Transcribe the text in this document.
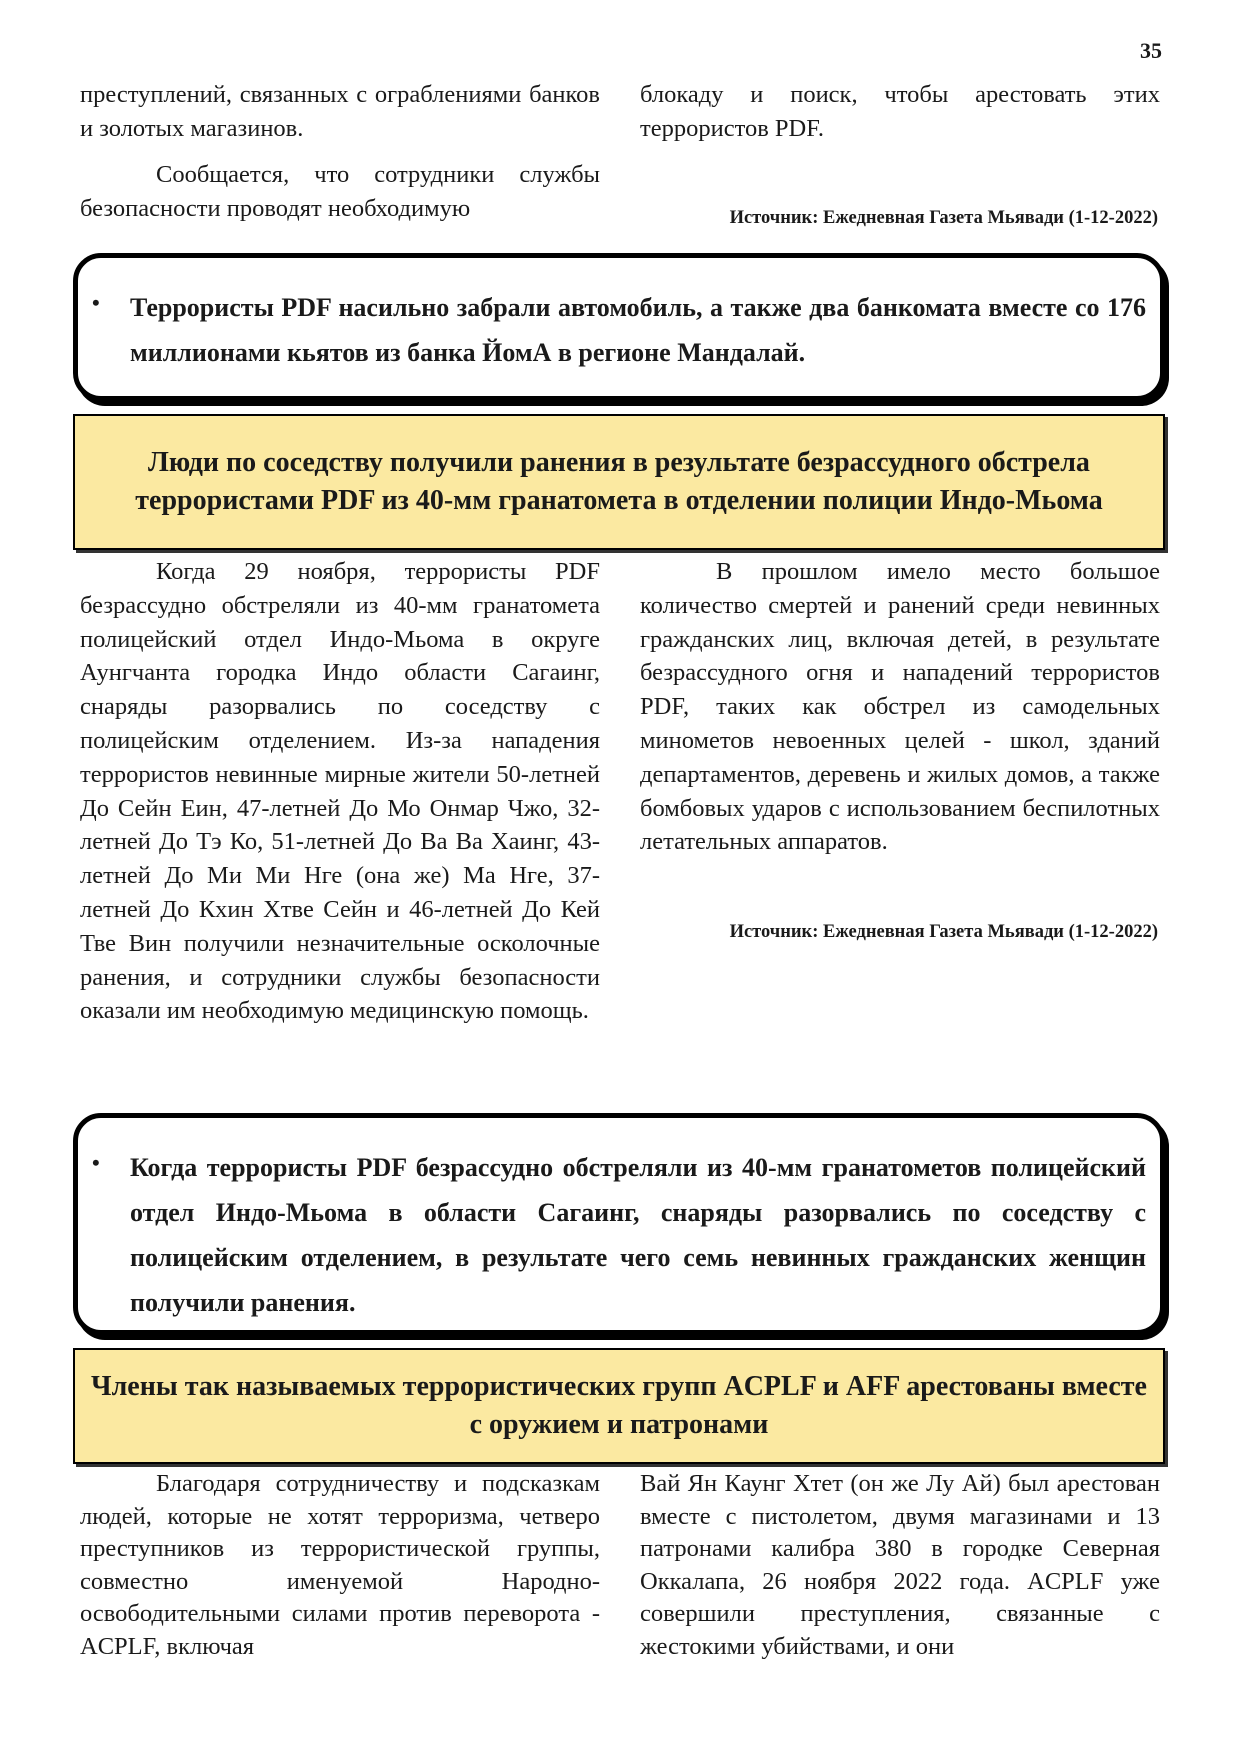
35

преступлений, связанных с ограблениями банков и золотых магазинов.

Сообщается, что сотрудники службы безопасности проводят необходимую

блокаду и поиск, чтобы арестовать этих террористов PDF.

Источник: Ежедневная Газета Мьявади (1-12-2022)
• Террористы PDF насильно забрали автомобиль, а также два банкомата вместе со 176 миллионами кьятов из банка ЙомА в регионе Мандалай.
Люди по соседству получили ранения в результате безрассудного обстрела террористами PDF из 40-мм гранатомета в отделении полиции Индо-Мьома

Когда 29 ноября, террористы PDF безрассудно обстреляли из 40-мм гранатомета полицейский отдел Индо-Мьома в округе Аунгчанта городка Индо области Сагаинг, снаряды разорвались по соседству с полицейским отделением. Из-за нападения террористов невинные мирные жители 50-летней До Сейн Еин, 47-летней До Мо Онмар Чжо, 32-летней До Тэ Ко, 51-летней До Ва Ва Хаинг, 43-летней До Ми Ми Нге (она же) Ма Нге, 37-летней До Кхин Хтве Сейн и 46-летней До Кей Тве Вин получили незначительные осколочные ранения, и сотрудники службы безопасности оказали им необходимую медицинскую помощь.

В прошлом имело место большое количество смертей и ранений среди невинных гражданских лиц, включая детей, в результате безрассудного огня и нападений террористов PDF, таких как обстрел из самодельных минометов невоенных целей - школ, зданий департаментов, деревень и жилых домов, а также бомбовых ударов с использованием беспилотных летательных аппаратов.

Источник: Ежедневная Газета Мьявади (1-12-2022)
• Когда террористы PDF безрассудно обстреляли из 40-мм гранатометов полицейский отдел Индо-Мьома в области Сагаинг, снаряды разорвались по соседству с полицейским отделением, в результате чего семь невинных гражданских женщин получили ранения.
Члены так называемых террористических групп ACPLF и AFF арестованы вместе с оружием и патронами

Благодаря сотрудничеству и подсказкам людей, которые не хотят терроризма, четверо преступников из террористической группы, совместно именуемой Народно-освободительными силами против переворота - ACPLF, включая

Вай Ян Каунг Хтет (он же Лу Ай) был арестован вместе с пистолетом, двумя магазинами и 13 патронами калибра 380 в городке Северная Оккалапа, 26 ноября 2022 года. ACPLF уже совершили преступления, связанные с жестокими убийствами, и они
